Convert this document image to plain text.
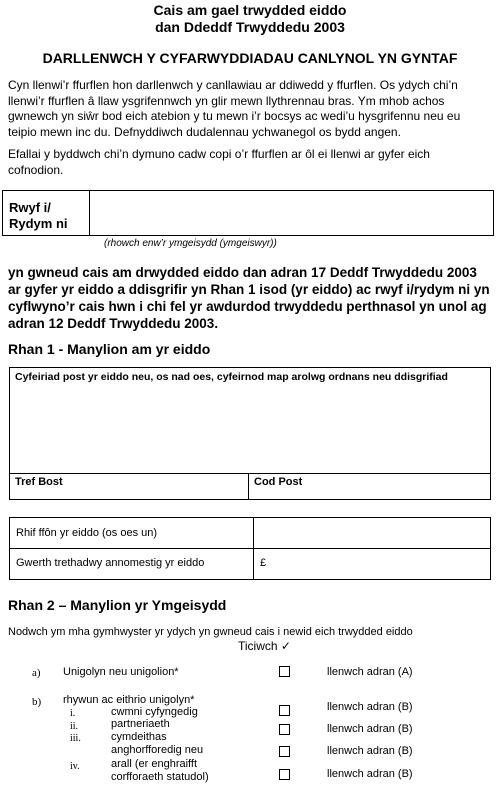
Cais am gael trwydded eiddo
dan Ddeddf Trwyddedu 2003
DARLLENWCH Y CYFARWYDDIADAU CANLYNOL YN GYNTAF
Cyn llenwi’r ffurflen hon darllenwch y canllawiau ar ddiwedd y ffurflen. Os ydych chi’n
llenwi’r ffurflen â llaw ysgrifennwch yn glir mewn llythrennau bras. Ym mhob achos
gwnewch yn siŵr bod eich atebion y tu mewn i’r bocsys ac wedi’u hysgrifennu neu eu
teipio mewn inc du. Defnyddiwch dudalennau ychwanegol os bydd angen.
Efallai y byddwch chi’n dymuno cadw copi o’r ffurflen ar ôl ei llenwi ar gyfer eich
cofnodion.
Rwyf i/
Rydym ni
(rhowch enw’r ymgeisydd (ymgeiswyr))
yn gwneud cais am drwydded eiddo dan adran 17 Deddf Trwyddedu 2003
ar gyfer yr eiddo a ddisgrifir yn Rhan 1 isod (yr eiddo) ac rwyf i/rydym ni yn
cyflwyno’r cais hwn i chi fel yr awdurdod trwyddedu perthnasol yn unol ag
adran 12 Deddf Trwyddedu 2003.
Rhan 1 - Manylion am yr eiddo
Cyfeiriad post yr eiddo neu, os nad oes, cyfeirnod map arolwg ordnans neu ddisgrifiad
Tref Bost	Cod Post
Rhif ffôn yr eiddo (os oes un)
Gwerth trethadwy annomestig yr eiddo	£
Rhan 2 – Manylion yr Ymgeisydd
Nodwch ym mha gymhwyster yr ydych yn gwneud cais i newid eich trwydded eiddo
Ticiwch ✓
a) Unigolyn neu unigolion*	llenwch adran (A)
b) rhywun ac eithrio unigolyn*
i.	cwmni cyfyngedig	llenwch adran (B)
ii.	partneriaeth	llenwch adran (B)
iii.	cymdeithas
anghorfforedig neu	llenwch adran (B)
iv.	arall (er enghraifft
corfforaeth statudol)	llenwch adran (B)
